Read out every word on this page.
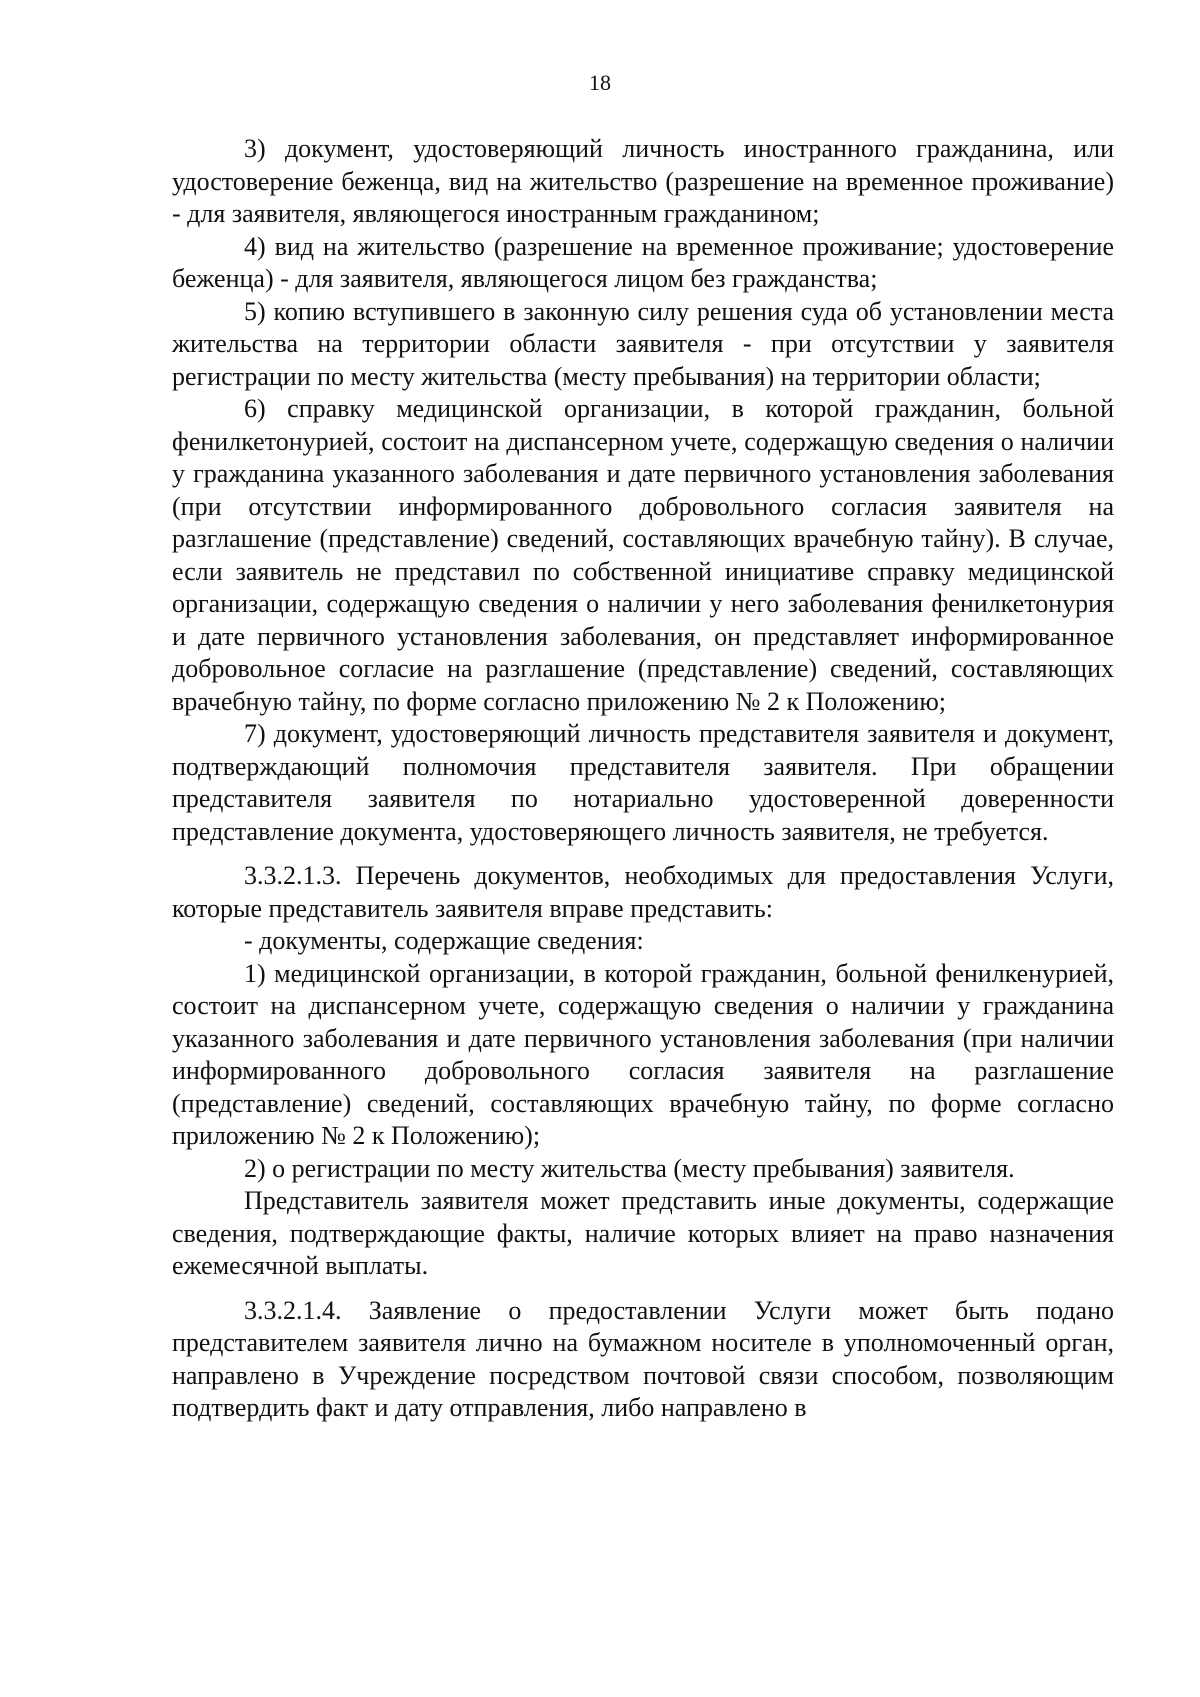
18

3) документ, удостоверяющий личность иностранного гражданина, или удостоверение беженца, вид на жительство (разрешение на временное проживание) - для заявителя, являющегося иностранным гражданином;

4) вид на жительство (разрешение на временное проживание; удостоверение беженца) - для заявителя, являющегося лицом без гражданства;

5) копию вступившего в законную силу решения суда об установлении места жительства на территории области заявителя - при отсутствии у заявителя регистрации по месту жительства (месту пребывания) на территории области;

6) справку медицинской организации, в которой гражданин, больной фенилкетонурией, состоит на диспансерном учете, содержащую сведения о наличии у гражданина указанного заболевания и дате первичного установления заболевания (при отсутствии информированного добровольного согласия заявителя на разглашение (представление) сведений, составляющих врачебную тайну). В случае, если заявитель не представил по собственной инициативе справку медицинской организации, содержащую сведения о наличии у него заболевания фенилкетонурия и дате первичного установления заболевания, он представляет информированное добровольное согласие на разглашение (представление) сведений, составляющих врачебную тайну, по форме согласно приложению № 2 к Положению;

7) документ, удостоверяющий личность представителя заявителя и документ, подтверждающий полномочия представителя заявителя. При обращении представителя заявителя по нотариально удостоверенной доверенности представление документа, удостоверяющего личность заявителя, не требуется.

3.3.2.1.3. Перечень документов, необходимых для предоставления Услуги, которые представитель заявителя вправе представить:

- документы, содержащие сведения:

1) медицинской организации, в которой гражданин, больной фенилкенурией, состоит на диспансерном учете, содержащую сведения о наличии у гражданина указанного заболевания и дате первичного установления заболевания (при наличии информированного добровольного согласия заявителя на разглашение (представление) сведений, составляющих врачебную тайну, по форме согласно приложению № 2 к Положению);

2) о регистрации по месту жительства (месту пребывания) заявителя.

Представитель заявителя может представить иные документы, содержащие сведения, подтверждающие факты, наличие которых влияет на право назначения ежемесячной выплаты.

3.3.2.1.4. Заявление о предоставлении Услуги может быть подано представителем заявителя лично на бумажном носителе в уполномоченный орган, направлено в Учреждение посредством почтовой связи способом, позволяющим подтвердить факт и дату отправления, либо направлено в
